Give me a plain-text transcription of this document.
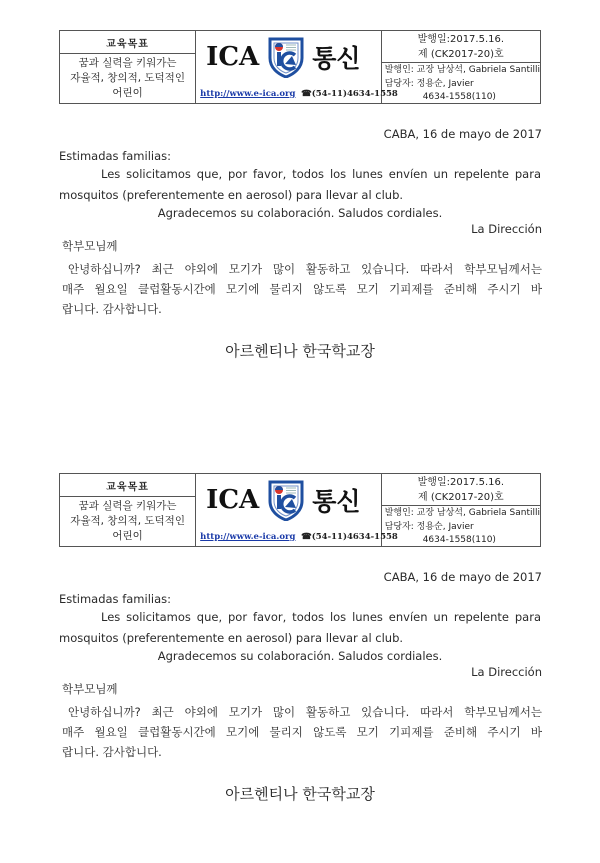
교육목표
꿈과 실력을 키워가는
자율적, 창의적, 도덕적인
어린이
ICA 통신
http://www.e-ica.org ☎(54-11)4634-1558
발행일:2017.5.16.
제 (CK2017-20)호
발행인: 교장 남상석, Gabriela Santilli
담당자: 정용순, Javier
4634-1558(110)
CABA, 16 de mayo de 2017
Estimadas familias:
Les solicitamos que, por favor, todos los lunes envíen un repelente para
mosquitos (preferentemente en aerosol) para llevar al club.
Agradecemos su colaboración. Saludos cordiales.
La Dirección
학부모님께
안녕하십니까? 최근 야외에 모기가 많이 활동하고 있습니다. 따라서 학부모님께서는
매주 월요일 클럽활동시간에 모기에 물리지 않도록 모기 기피제를 준비해 주시기 바
랍니다. 감사합니다.
아르헨티나 한국학교장
교육목표
꿈과 실력을 키워가는
자율적, 창의적, 도덕적인
어린이
ICA 통신
http://www.e-ica.org ☎(54-11)4634-1558
발행일:2017.5.16.
제 (CK2017-20)호
발행인: 교장 남상석, Gabriela Santilli
담당자: 정용순, Javier
4634-1558(110)
CABA, 16 de mayo de 2017
Estimadas familias:
Les solicitamos que, por favor, todos los lunes envíen un repelente para
mosquitos (preferentemente en aerosol) para llevar al club.
Agradecemos su colaboración. Saludos cordiales.
La Dirección
학부모님께
안녕하십니까? 최근 야외에 모기가 많이 활동하고 있습니다. 따라서 학부모님께서는
매주 월요일 클럽활동시간에 모기에 물리지 않도록 모기 기피제를 준비해 주시기 바
랍니다. 감사합니다.
아르헨티나 한국학교장
